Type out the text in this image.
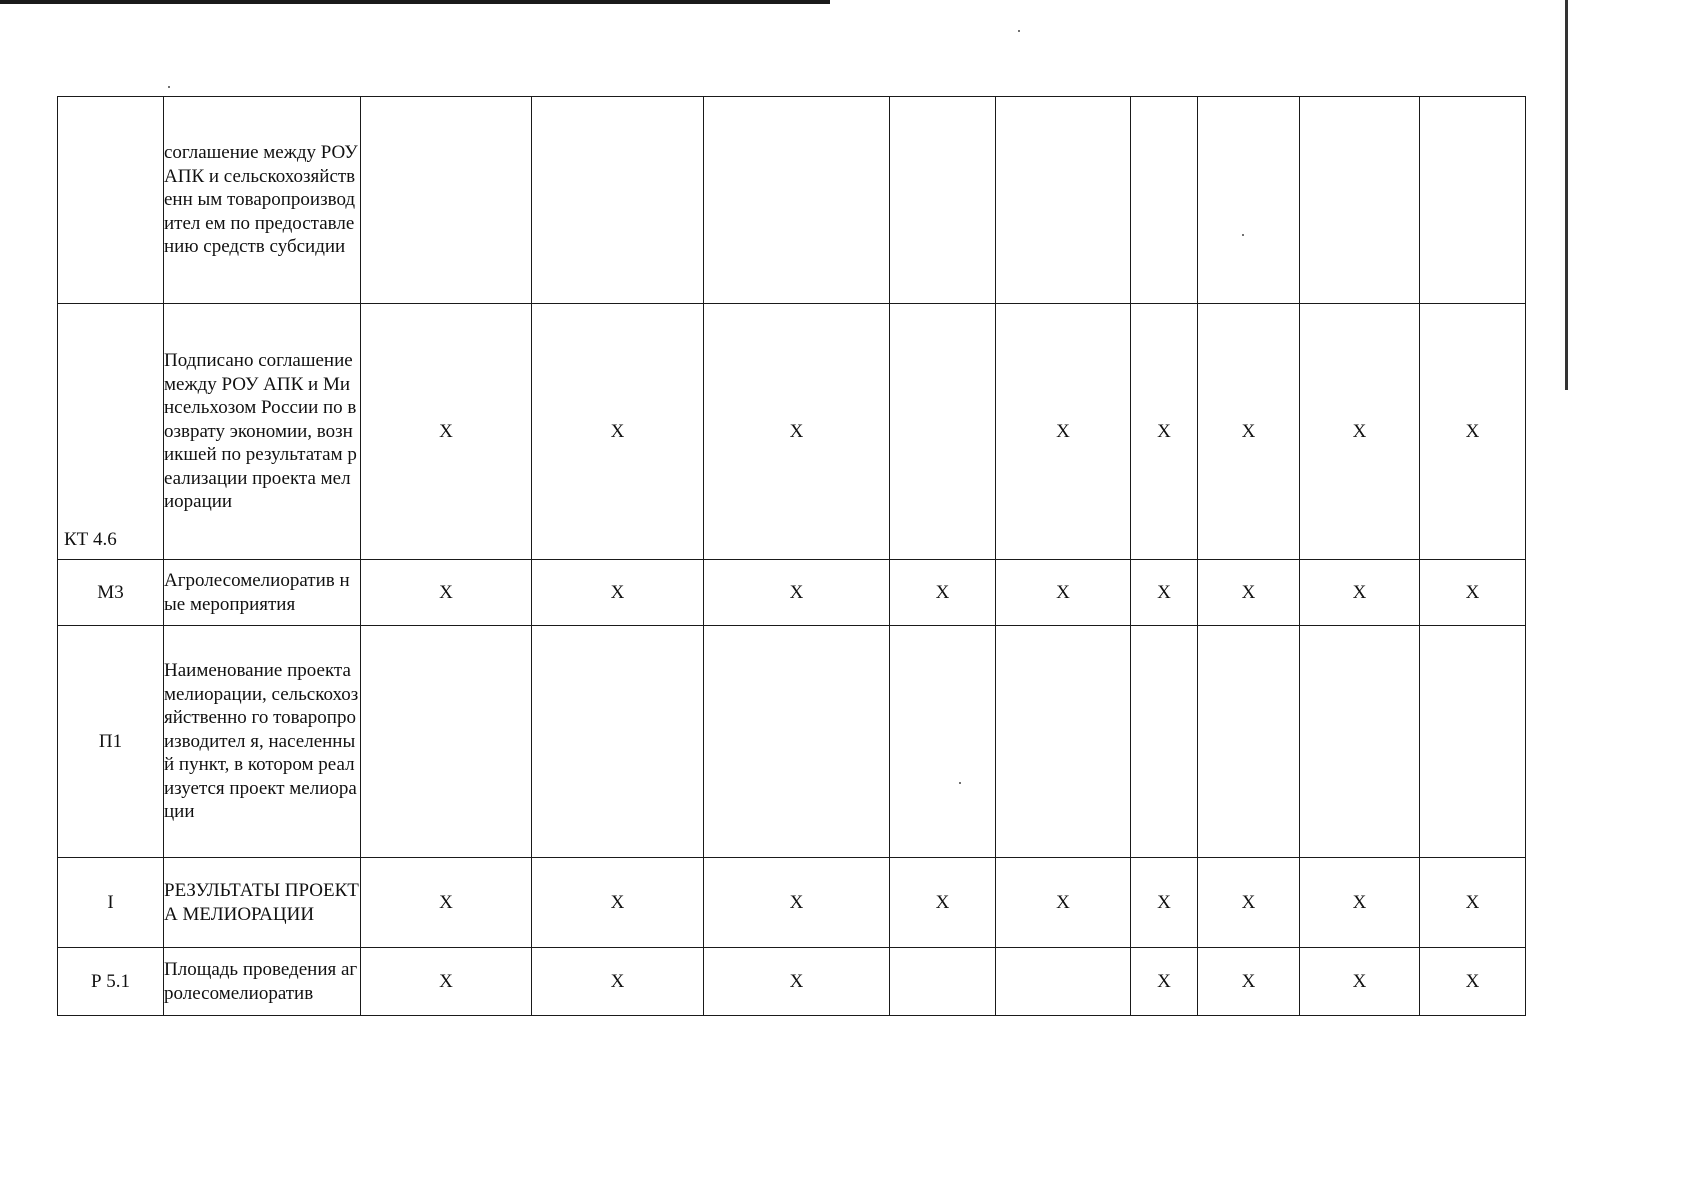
	соглашение между РОУ АПК и сельскохозяйственн ым товаропроизводител ем по предоставлению средств субсидии									
КТ 4.6	Подписано соглашение между РОУ АПК и Минсельхозом России по возврату экономии, возникшей по результатам реализации проекта мелиорации	X	X	X		X	X	X	X	X
М3	Агролесомелиоратив ные мероприятия	X	X	X	X	X	X	X	X	X
П1	Наименование проекта мелиорации, сельскохозяйственно го товаропроизводител я, населенный пункт, в котором реализуется проект мелиорации									
I	РЕЗУЛЬТАТЫ ПРОЕКТА МЕЛИОРАЦИИ	X	X	X	X	X	X	X	X	X
Р 5.1	Площадь проведения агролесомелиоратив	X	X	X			X	X	X	X
